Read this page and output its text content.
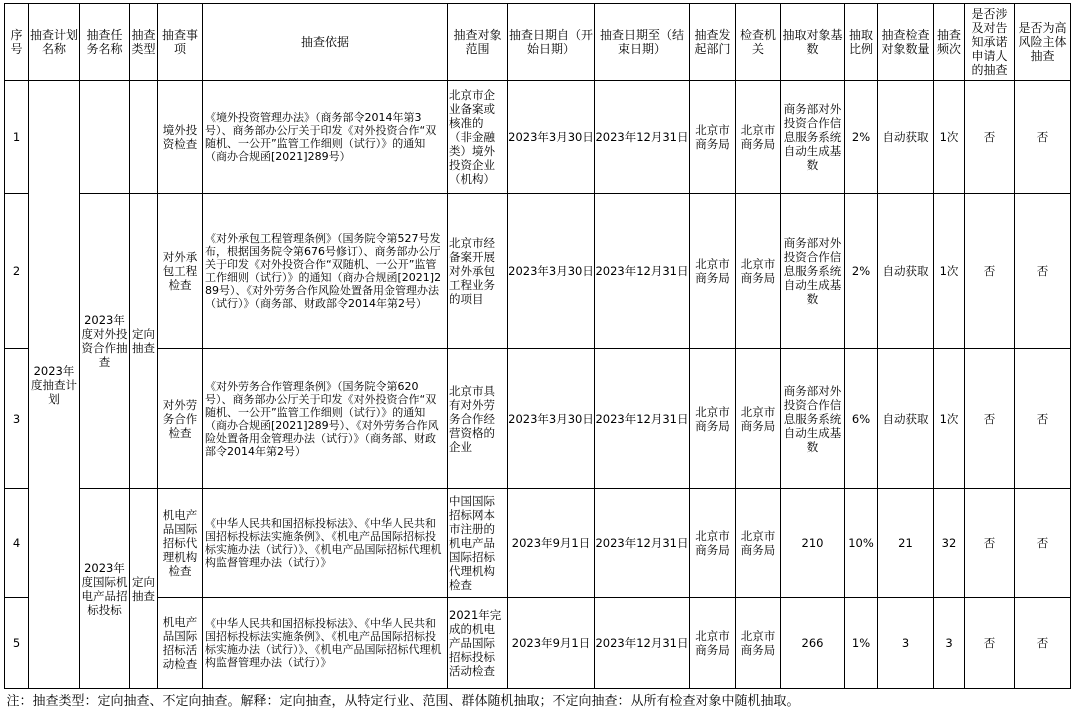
序号	抽查计划名称	抽查任务名称	抽查类型	抽查事项	抽查依据	抽查对象范围	抽查日期自（开始日期）	抽查日期至（结束日期）	抽查发起部门	检查机关	抽取对象基数	抽取比例	抽查检查对象数量	抽查频次	是否涉及对告知承诺申请人的抽查	是否为高风险主体抽查
1	2023年度抽查计划			境外投资检查	《境外投资管理办法》（商务部令2014年第3号）、商务部办公厅关于印发《对外投资合作“双随机、一公开”监管工作细则（试行）》的通知（商办合规函[2021]289号）	北京市企业备案或核准的（非金融类）境外投资企业（机构）	2023年3月30日	2023年12月31日	北京市商务局	北京市商务局	商务部对外投资合作信息服务系统自动生成基数	2%	自动获取	1次	否	否
2		2023年度对外投资合作抽查	定向抽查	对外承包工程检查	《对外承包工程管理条例》（国务院令第527号发布，根据国务院令第676号修订）、商务部办公厅关于印发《对外投资合作“双随机、一公开”监管工作细则（试行）》的通知（商办合规函[2021]289号）、《对外劳务合作风险处置备用金管理办法（试行）》（商务部、财政部令2014年第2号）	北京市经备案开展对外承包工程业务的项目	2023年3月30日	2023年12月31日	北京市商务局	北京市商务局	商务部对外投资合作信息服务系统自动生成基数	2%	自动获取	1次	否	否
3				对外劳务合作检查	《对外劳务合作管理条例》（国务院令第620号）、商务部办公厅关于印发《对外投资合作“双随机、一公开”监管工作细则（试行）》的通知（商办合规函[2021]289号）、《对外劳务合作风险处置备用金管理办法（试行）》（商务部、财政部令2014年第2号）	北京市具有对外劳务合作经营资格的企业	2023年3月30日	2023年12月31日	北京市商务局	北京市商务局	商务部对外投资合作信息服务系统自动生成基数	6%	自动获取	1次	否	否
4		2023年度国际机电产品招标投标	定向抽查	机电产品国际招标代理机构检查	《中华人民共和国招标投标法》、《中华人民共和国招标投标法实施条例》、《机电产品国际招标投标实施办法（试行）》、《机电产品国际招标代理机构监督管理办法（试行）》	中国国际招标网本市注册的机电产品国际招标代理机构检查	2023年9月1日	2023年12月31日	北京市商务局	北京市商务局	210	10%	21	32	否	否
5				机电产品国际招标活动检查	《中华人民共和国招标投标法》、《中华人民共和国招标投标法实施条例》、《机电产品国际招标投标实施办法（试行）》、《机电产品国际招标代理机构监督管理办法（试行）》	2021年完成的机电产品国际招标投标活动检查	2023年9月1日	2023年12月31日	北京市商务局	北京市商务局	266	1%	3	3	否	否
注：抽查类型：定向抽查、不定向抽查。解释：定向抽查，从特定行业、范围、群体随机抽取；不定向抽查：从所有检查对象中随机抽取。																
